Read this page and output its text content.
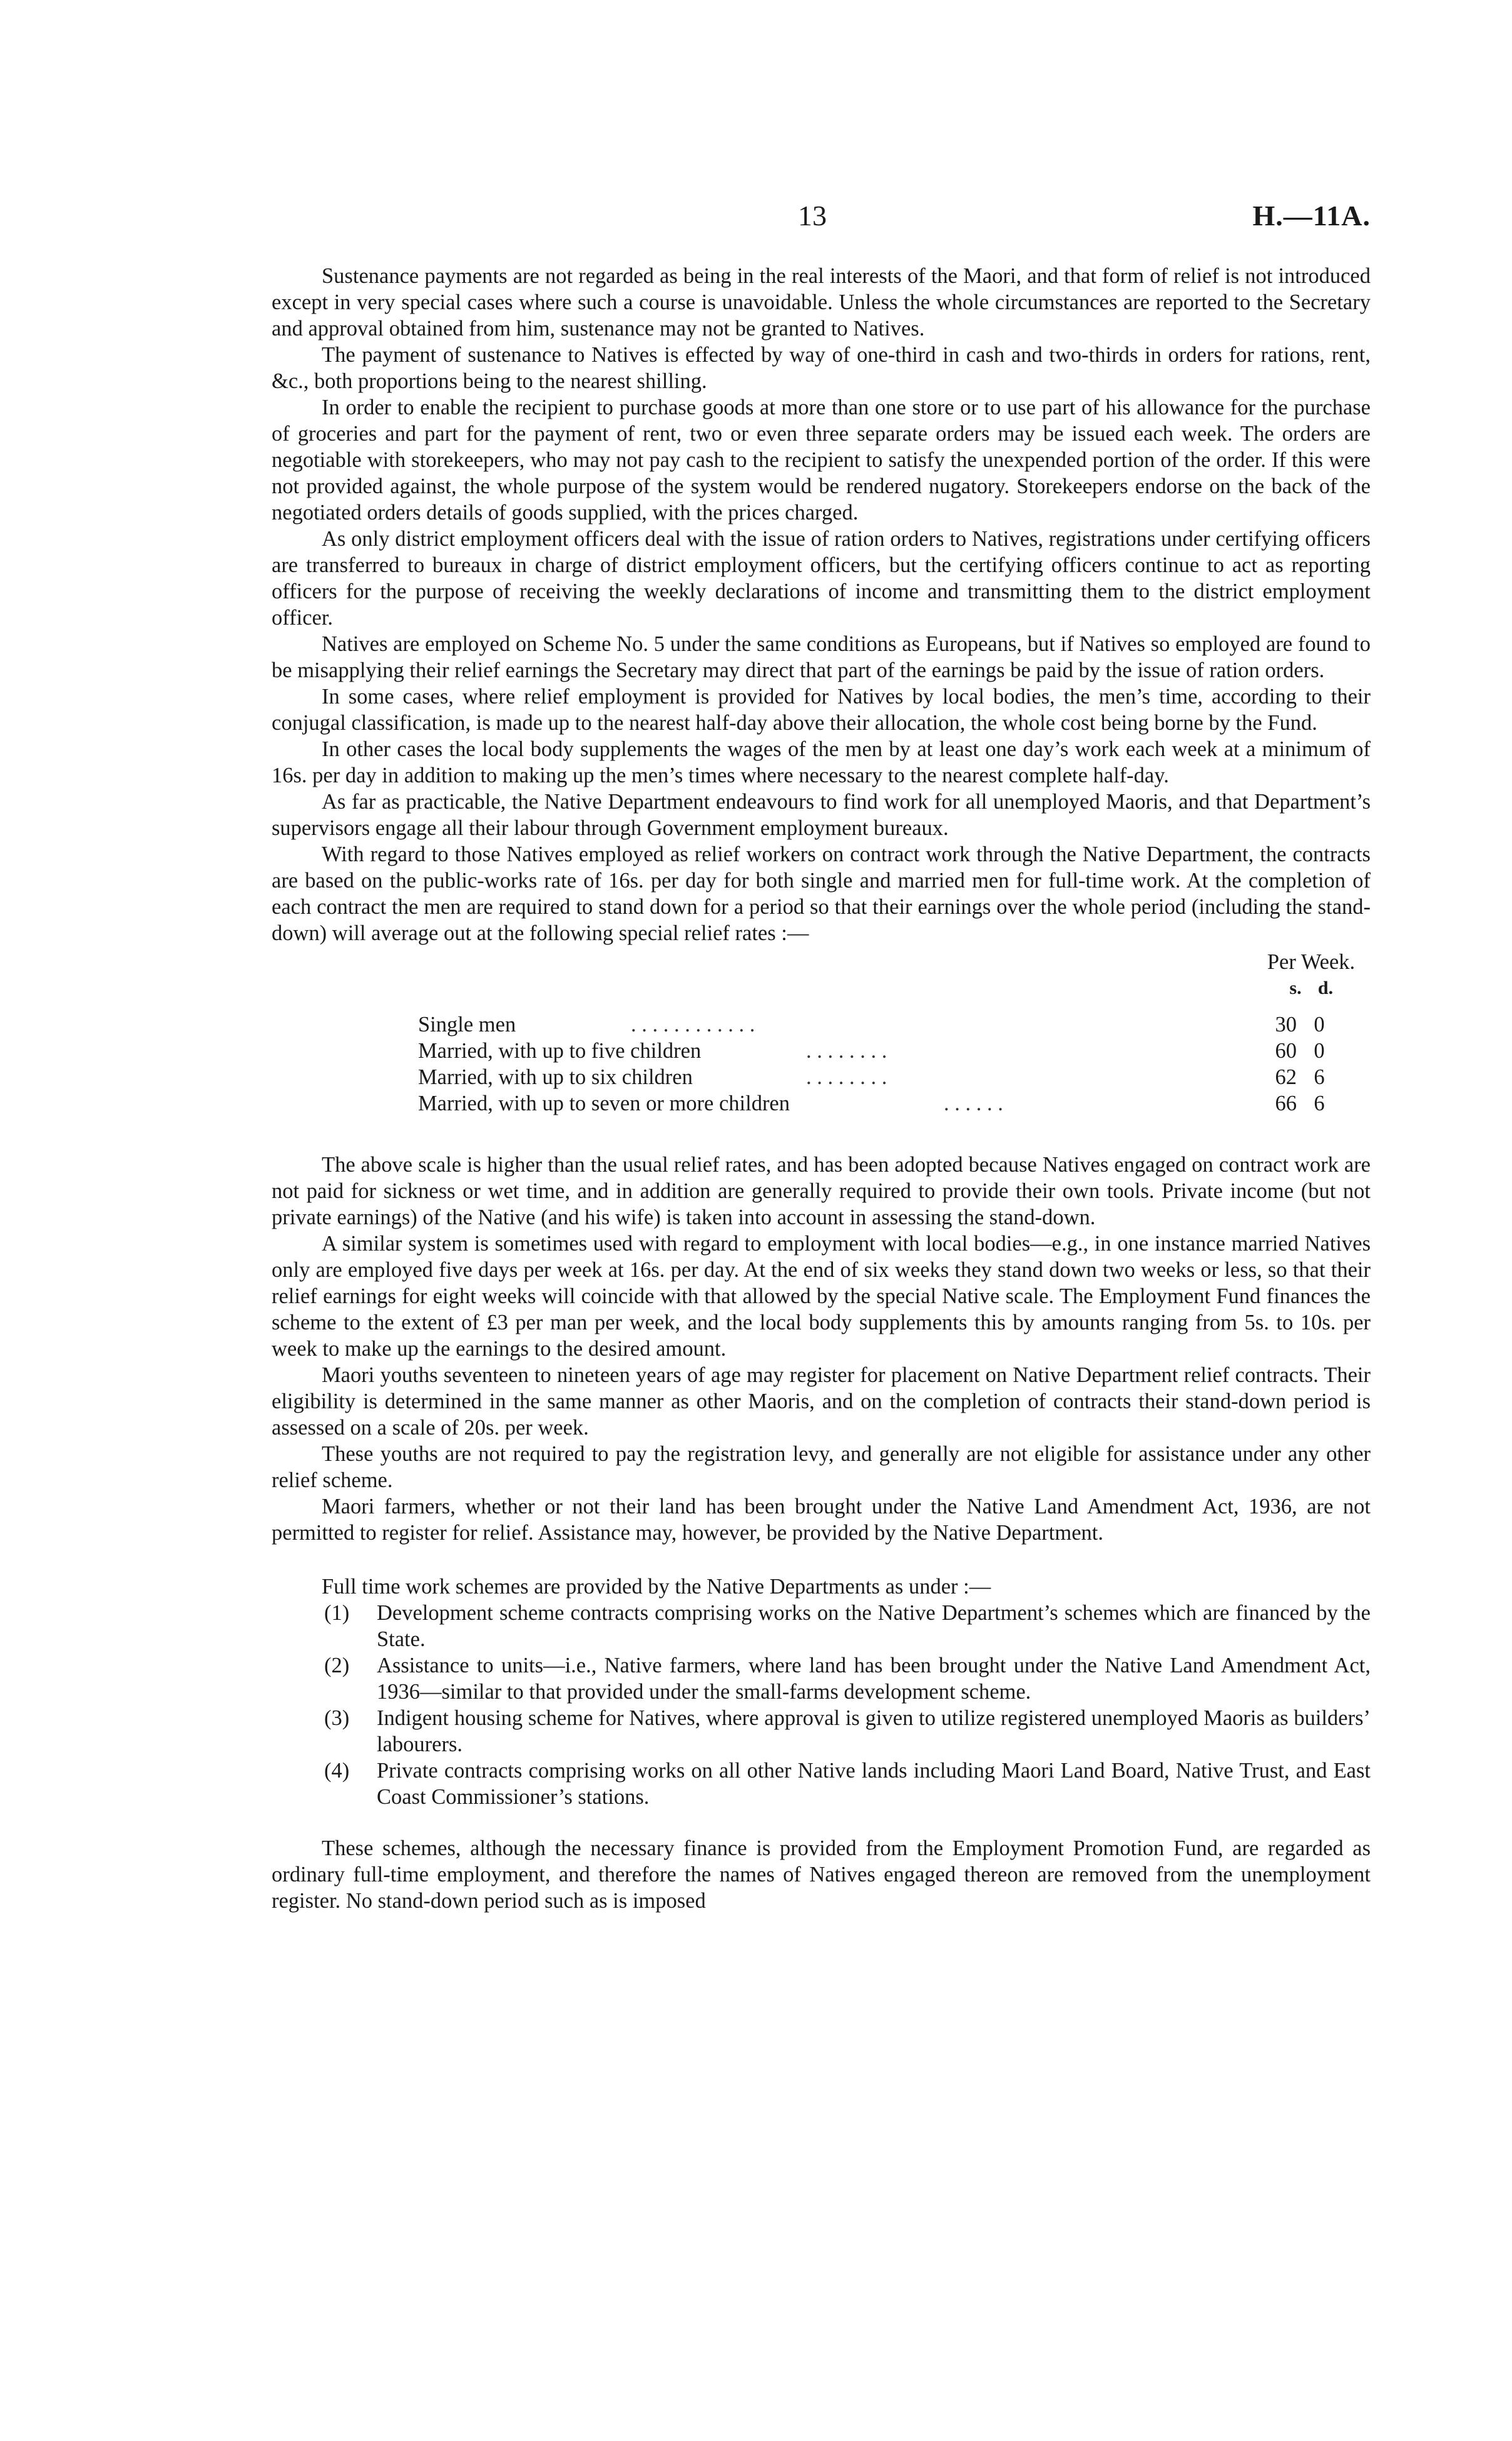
13	H.—11A.

Sustenance payments are not regarded as being in the real interests of the Maori, and that form of relief is not introduced except in very special cases where such a course is unavoidable. Unless the whole circumstances are reported to the Secretary and approval obtained from him, sustenance may not be granted to Natives.

The payment of sustenance to Natives is effected by way of one-third in cash and two-thirds in orders for rations, rent, &c., both proportions being to the nearest shilling.

In order to enable the recipient to purchase goods at more than one store or to use part of his allowance for the purchase of groceries and part for the payment of rent, two or even three separate orders may be issued each week. The orders are negotiable with storekeepers, who may not pay cash to the recipient to satisfy the unexpended portion of the order. If this were not provided against, the whole purpose of the system would be rendered nugatory. Storekeepers endorse on the back of the negotiated orders details of goods supplied, with the prices charged.

As only district employment officers deal with the issue of ration orders to Natives, registrations under certifying officers are transferred to bureaux in charge of district employment officers, but the certifying officers continue to act as reporting officers for the purpose of receiving the weekly declarations of income and transmitting them to the district employment officer.

Natives are employed on Scheme No. 5 under the same conditions as Europeans, but if Natives so employed are found to be misapplying their relief earnings the Secretary may direct that part of the earnings be paid by the issue of ration orders.

In some cases, where relief employment is provided for Natives by local bodies, the men’s time, according to their conjugal classification, is made up to the nearest half-day above their allocation, the whole cost being borne by the Fund.

In other cases the local body supplements the wages of the men by at least one day’s work each week at a minimum of 16s. per day in addition to making up the men’s times where necessary to the nearest complete half-day.

As far as practicable, the Native Department endeavours to find work for all unemployed Maoris, and that Department’s supervisors engage all their labour through Government employment bureaux.

With regard to those Natives employed as relief workers on contract work through the Native Department, the contracts are based on the public-works rate of 16s. per day for both single and married men for full-time work. At the completion of each contract the men are required to stand down for a period so that their earnings over the whole period (including the stand-down) will average out at the following special relief rates :—

Per Week.
s. d.
Single men	. . . . . . . . . . . .	30 0
Married, with up to five children	. . . . . . . .	60 0
Married, with up to six children	. . . . . . . .	62 6
Married, with up to seven or more children	. . . . . .	66 6

The above scale is higher than the usual relief rates, and has been adopted because Natives engaged on contract work are not paid for sickness or wet time, and in addition are generally required to provide their own tools. Private income (but not private earnings) of the Native (and his wife) is taken into account in assessing the stand-down.

A similar system is sometimes used with regard to employment with local bodies—e.g., in one instance married Natives only are employed five days per week at 16s. per day. At the end of six weeks they stand down two weeks or less, so that their relief earnings for eight weeks will coincide with that allowed by the special Native scale. The Employment Fund finances the scheme to the extent of £3 per man per week, and the local body supplements this by amounts ranging from 5s. to 10s. per week to make up the earnings to the desired amount.

Maori youths seventeen to nineteen years of age may register for placement on Native Department relief contracts. Their eligibility is determined in the same manner as other Maoris, and on the completion of contracts their stand-down period is assessed on a scale of 20s. per week.

These youths are not required to pay the registration levy, and generally are not eligible for assistance under any other relief scheme.

Maori farmers, whether or not their land has been brought under the Native Land Amendment Act, 1936, are not permitted to register for relief. Assistance may, however, be provided by the Native Department.

Full time work schemes are provided by the Native Departments as under :—

(1) Development scheme contracts comprising works on the Native Department’s schemes which are financed by the State.
(2) Assistance to units—i.e., Native farmers, where land has been brought under the Native Land Amendment Act, 1936—similar to that provided under the small-farms development scheme.
(3) Indigent housing scheme for Natives, where approval is given to utilize registered unemployed Maoris as builders’ labourers.
(4) Private contracts comprising works on all other Native lands including Maori Land Board, Native Trust, and East Coast Commissioner’s stations.

These schemes, although the necessary finance is provided from the Employment Promotion Fund, are regarded as ordinary full-time employment, and therefore the names of Natives engaged thereon are removed from the unemployment register. No stand-down period such as is imposed
